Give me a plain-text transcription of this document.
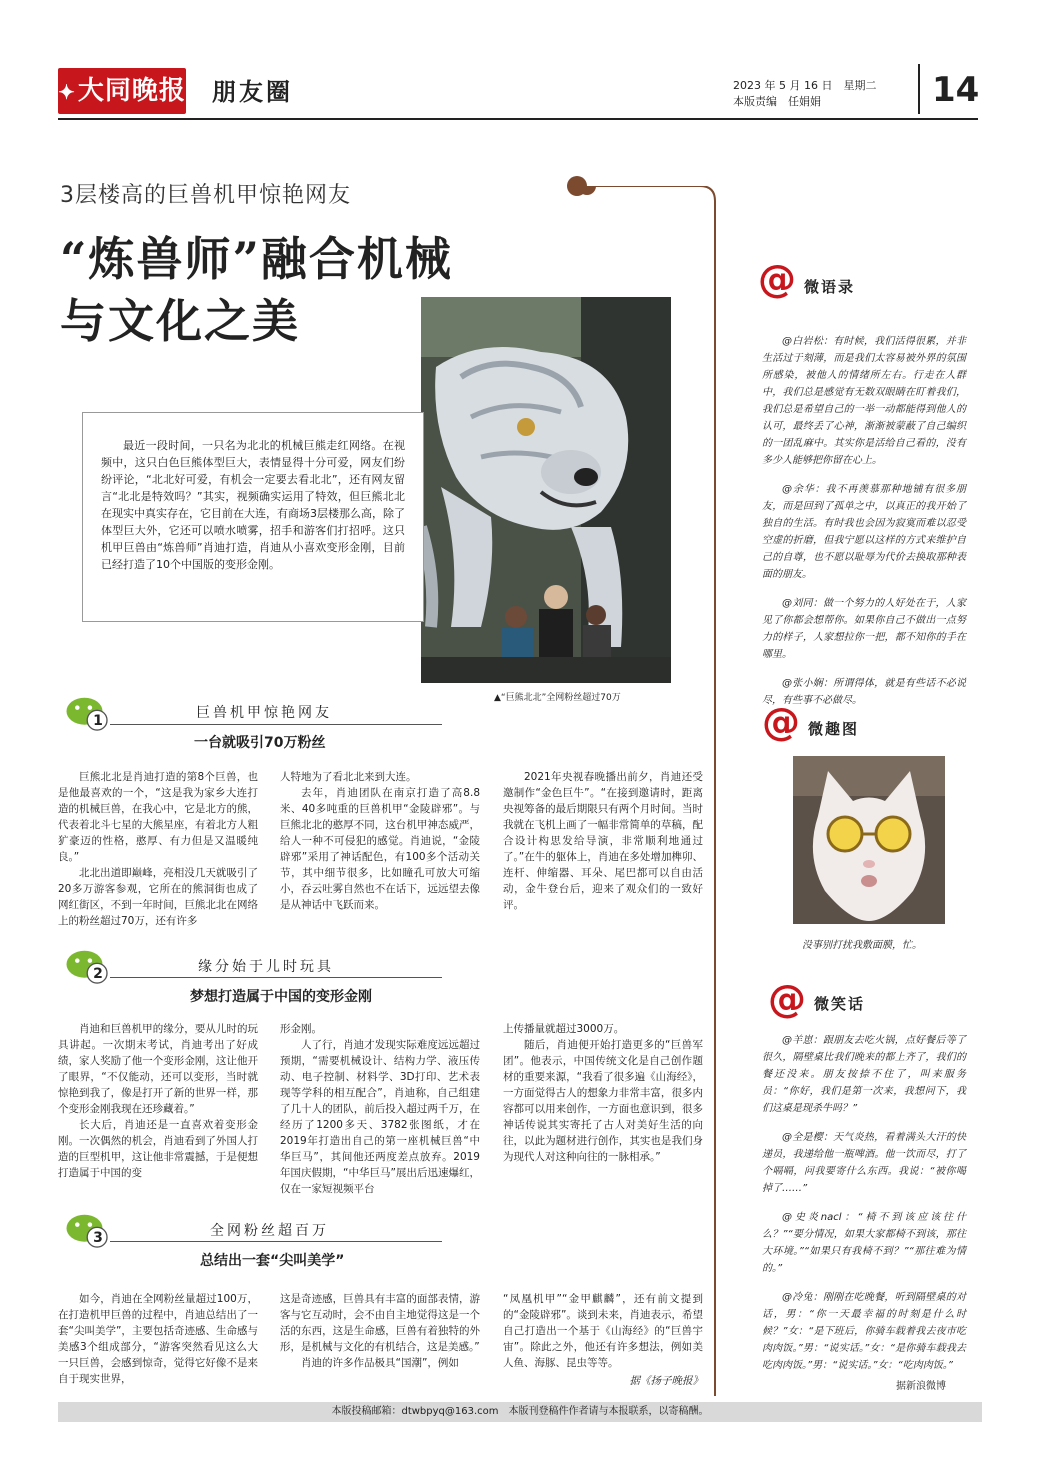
✦大同晚报 朋友圈	2023 年 5 月 16 日　星期二
本版责编　任娟娟	14
3层楼高的巨兽机甲惊艳网友
“炼兽师”融合机械
与文化之美
▲“巨熊北北”全网粉丝超过70万

最近一段时间，一只名为北北的机械巨熊走红网络。在视频中，这只白色巨熊体型巨大，表情显得十分可爱，网友们纷纷评论，“北北好可爱，有机会一定要去看北北”，还有网友留言“北北是特效吗？”其实，视频确实运用了特效，但巨熊北北在现实中真实存在，它目前在大连，有商场3层楼那么高，除了体型巨大外，它还可以喷水喷雾，招手和游客们打招呼。这只机甲巨兽由“炼兽师”肖迪打造，肖迪从小喜欢变形金刚，目前已经打造了10个中国版的变形金刚。

1	巨兽机甲惊艳网友
一台就吸引70万粉丝

巨熊北北是肖迪打造的第8个巨兽，也是他最喜欢的一个，“这是我为家乡大连打造的机械巨兽，在我心中，它是北方的熊，代表着北斗七星的大熊星座，有着北方人粗犷豪迈的性格，憨厚、有力但是又温暖纯良。”

北北出道即巅峰，亮相没几天就吸引了20多万游客参观，它所在的熊洞街也成了网红街区，不到一年时间，巨熊北北在网络上的粉丝超过70万，还有许多

人特地为了看北北来到大连。

去年，肖迪团队在南京打造了高8.8米、40多吨重的巨兽机甲“金陵辟邪”。与巨熊北北的憨厚不同，这台机甲神态威严，给人一种不可侵犯的感觉。肖迪说，“金陵辟邪”采用了神话配色，有100多个活动关节，其中细节很多，比如瞳孔可放大可缩小，吞云吐雾自然也不在话下，远远望去像是从神话中飞跃而来。

2021年央视春晚播出前夕，肖迪还受邀制作“金色巨牛”。“在接到邀请时，距离央视筹备的最后期限只有两个月时间。当时我就在飞机上画了一幅非常简单的草稿，配合设计构思发给导演，非常顺利地通过了。”在牛的躯体上，肖迪在多处增加榫卯、连杆、伸缩器、耳朵、尾巴都可以自由活动，金牛登台后，迎来了观众们的一致好评。

2	缘分始于儿时玩具
梦想打造属于中国的变形金刚

肖迪和巨兽机甲的缘分，要从儿时的玩具讲起。一次期末考试，肖迪考出了好成绩，家人奖励了他一个变形金刚，这让他开了眼界，“不仅能动，还可以变形，当时就惊艳到我了，像是打开了新的世界一样，那个变形金刚我现在还珍藏着。”

长大后，肖迪还是一直喜欢着变形金刚。一次偶然的机会，肖迪看到了外国人打造的巨型机甲，这让他非常震撼，于是便想打造属于中国的变

形金刚。

人了行，肖迪才发现实际难度远远超过预期，“需要机械设计、结构力学、液压传动、电子控制、材料学、3D打印、艺术表现等学科的相互配合”，肖迪称，自己组建了几十人的团队，前后投入超过两千万，在经历了1200多天、3782张图纸，才在2019年打造出自己的第一座机械巨兽“中华巨马”，其间他还两度差点放弃。2019年国庆假期，“中华巨马”展出后迅速爆红，仅在一家短视频平台

上传播量就超过3000万。

随后，肖迪便开始打造更多的“巨兽军团”。他表示，中国传统文化是自己创作题材的重要来源，“我看了很多遍《山海经》，一方面觉得古人的想象力非常丰富，很多内容都可以用来创作，一方面也意识到，很多神话传说其实寄托了古人对美好生活的向往，以此为题材进行创作，其实也是我们身为现代人对这种向往的一脉相承。”

3	全网粉丝超百万
总结出一套“尖叫美学”

如今，肖迪在全网粉丝量超过100万，在打造机甲巨兽的过程中，肖迪总结出了一套“尖叫美学”，主要包括奇迹感、生命感与美感3个组成部分，“游客突然看见这么大一只巨兽，会感到惊奇，觉得它好像不是来自于现实世界，

这是奇迹感，巨兽具有丰富的面部表情，游客与它互动时，会不由自主地觉得这是一个活的东西，这是生命感，巨兽有着独特的外形，是机械与文化的有机结合，这是美感。”

肖迪的许多作品极具“国潮”，例如

“凤凰机甲”“金甲麒麟”，还有前文提到的“金陵辟邪”。谈到未来，肖迪表示，希望自己打造出一个基于《山海经》的“巨兽宇宙”。除此之外，他还有许多想法，例如美人鱼、海豚、昆虫等等。

据《扬子晚报》
@ 微语录

@白岩松：有时候，我们活得很累，并非生活过于刻薄，而是我们太容易被外界的氛围所感染，被他人的情绪所左右。行走在人群中，我们总是感觉有无数双眼睛在盯着我们，我们总是希望自己的一举一动都能得到他人的认可，最终丢了心神，渐渐被蒙蔽了自己编织的一团乱麻中。其实你是活给自己看的，没有多少人能够把你留在心上。

@余华：我不再羡慕那种地铺有很多朋友，而是回到了孤单之中，以真正的我开始了独自的生活。有时我也会因为寂寞而难以忍受空虚的折磨，但我宁愿以这样的方式来维护自己的自尊，也不愿以耻辱为代价去换取那种表面的朋友。

@刘同：做一个努力的人好处在于，人家见了你都会想帮你。如果你自己不做出一点努力的样子，人家想拉你一把，都不知你的手在哪里。

@张小娴：所谓得体，就是有些话不必说尽，有些事不必做尽。

@ 微趣图
没事别打扰我敷面膜，忙。
@ 微笑话

@羊崽：跟朋友去吃火锅，点好餐后等了很久，隔壁桌比我们晚来的都上齐了，我们的餐还没来。朋友按捺不住了，叫来服务员：“你好，我们是第一次来，我想问下，我们这桌是现杀牛吗？”

@全是樱：天气炎热，看着满头大汗的快递员，我递给他一瓶啤酒。他一饮而尽，打了个嗝嗝，问我要寄什么东西。我说：“被你喝掉了……”

@史炎nacl：“椅不到该应该往什么？”“要分情况，如果大家都椅不到该，那往大环境。”“如果只有我椅不到？”“那往难为情的。”

@冷兔：刚刚在吃晚餐，听到隔壁桌的对话，男：“你一天最幸福的时刻是什么时候？”女：“是下班后，你骑车载着我去夜市吃肉肉饭。”男：“说实话。”女：“是你骑车载我去吃肉肉饭。”男：“说实话。”女：“吃肉肉饭。”

据新浪微博
本版投稿邮箱：dtwbpyq@163.com　本版刊登稿件作者请与本报联系，以寄稿酬。
